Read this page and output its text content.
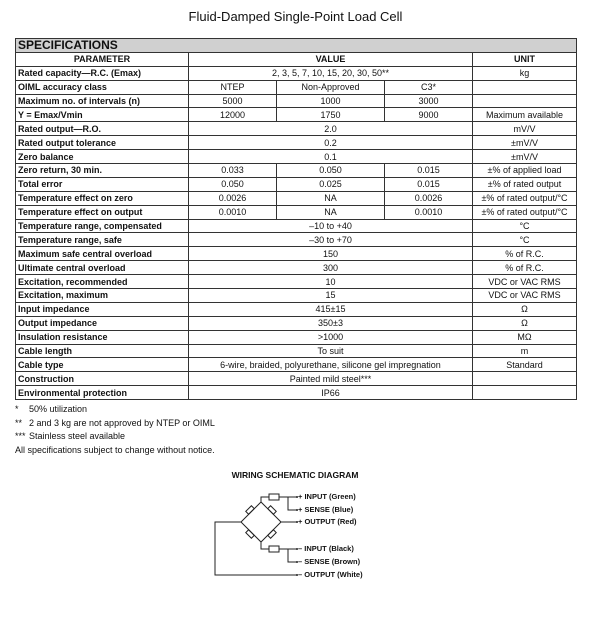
Fluid-Damped Single-Point Load Cell
SPECIFICATIONS				
PARAMETER	VALUE			UNIT
Rated capacity—R.C. (Emax)	2, 3, 5, 7, 10, 15, 20, 30, 50**			kg
OIML accuracy class	NTEP	Non-Approved	C3*	
Maximum no. of intervals (n)	5000	1000	3000	
Y = Emax/Vmin	12000	1750	9000	Maximum available
Rated output—R.O.	2.0			mV/V
Rated output tolerance	0.2			±mV/V
Zero balance	0.1			±mV/V
Zero return, 30 min.	0.033	0.050	0.015	±% of applied load
Total error	0.050	0.025	0.015	±% of rated output
Temperature effect on zero	0.0026	NA	0.0026	±% of rated output/°C
Temperature effect on output	0.0010	NA	0.0010	±% of rated output/°C
Temperature range, compensated	–10 to +40			°C
Temperature range, safe	–30 to +70			°C
Maximum safe central overload	150			% of R.C.
Ultimate central overload	300			% of R.C.
Excitation, recommended	10			VDC or VAC RMS
Excitation, maximum	15			VDC or VAC RMS
Input impedance	415±15			Ω
Output impedance	350±3			Ω
Insulation resistance	>1000			MΩ
Cable length	To suit			m
Cable type	6-wire, braided, polyurethane, silicone gel impregnation			Standard
Construction	Painted mild steel***			
Environmental protection	IP66			
* 50% utilization
** 2 and 3 kg are not approved by NTEP or OIML
*** Stainless steel available
All specifications subject to change without notice.
WIRING SCHEMATIC DIAGRAM
+ INPUT (Green)
+ SENSE (Blue)
+ OUTPUT (Red)
– INPUT (Black)
– SENSE (Brown)
– OUTPUT (White)
